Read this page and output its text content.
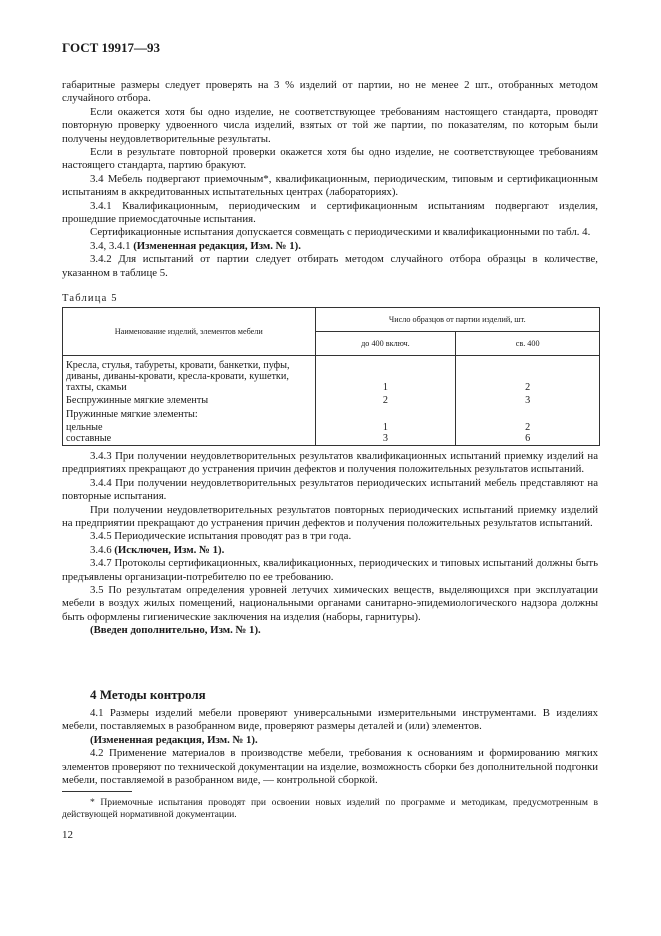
ГОСТ 19917—93

габаритные размеры следует проверять на 3 % изделий от партии, но не менее 2 шт., отобранных методом случайного отбора.

Если окажется хотя бы одно изделие, не соответствующее требованиям настоящего стандарта, проводят повторную проверку удвоенного числа изделий, взятых от той же партии, по показателям, по которым были получены неудовлетворительные результаты.

Если в результате повторной проверки окажется хотя бы одно изделие, не соответствующее требованиям настоящего стандарта, партию бракуют.

3.4 Мебель подвергают приемочным*, квалификационным, периодическим, типовым и сертификационным испытаниям в аккредитованных испытательных центрах (лабораториях).

3.4.1 Квалификационным, периодическим и сертификационным испытаниям подвергают изделия, прошедшие приемосдаточные испытания.

Сертификационные испытания допускается совмещать с периодическими и квалификационными по табл. 4.

3.4, 3.4.1 (Измененная редакция, Изм. № 1).

3.4.2 Для испытаний от партии следует отбирать методом случайного отбора образцы в количестве, указанном в таблице 5.

Таблица 5
Наименование изделий, элементов мебели	Число образцов от партии изделий, шт.	
	до 400 включ.	св. 400
Кресла, стулья, табуреты, кровати, банкетки, пуфы, диваны, диваны-кровати, кресла-кровати, кушетки, тахты, скамьи	1	2
Беспружинные мягкие элементы	2	3
Пружинные мягкие элементы:		
цельные	1	2
составные	3	6

3.4.3 При получении неудовлетворительных результатов квалификационных испытаний приемку изделий на предприятиях прекращают до устранения причин дефектов и получения положительных результатов испытаний.

3.4.4 При получении неудовлетворительных результатов периодических испытаний мебель представляют на повторные испытания.

При получении неудовлетворительных результатов повторных периодических испытаний приемку изделий на предприятии прекращают до устранения причин дефектов и получения положительных результатов испытаний.

3.4.5 Периодические испытания проводят раз в три года.

3.4.6 (Исключен, Изм. № 1).

3.4.7 Протоколы сертификационных, квалификационных, периодических и типовых испытаний должны быть предъявлены организации-потребителю по ее требованию.

3.5 По результатам определения уровней летучих химических веществ, выделяющихся при эксплуатации мебели в воздух жилых помещений, национальными органами санитарно-эпидемиологического надзора должны быть оформлены гигиенические заключения на изделия (наборы, гарнитуры).

(Введен дополнительно, Изм. № 1).

4 Методы контроля

4.1 Размеры изделий мебели проверяют универсальными измерительными инструментами. В изделиях мебели, поставляемых в разобранном виде, проверяют размеры деталей и (или) элементов.

(Измененная редакция, Изм. № 1).

4.2 Применение материалов в производстве мебели, требования к основаниям и формированию мягких элементов проверяют по технической документации на изделие, возможность сборки без дополнительной подгонки мебели, поставляемой в разобранном виде, — контрольной сборкой.

* Приемочные испытания проводят при освоении новых изделий по программе и методикам, предусмотренным в действующей нормативной документации.
12
